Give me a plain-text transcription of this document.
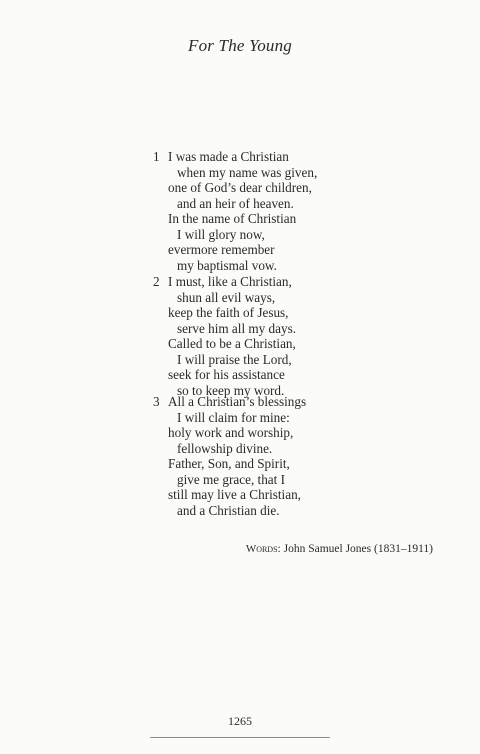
For The Young
1 I was made a Christian
when my name was given,
one of God’s dear children,
and an heir of heaven.
In the name of Christian
I will glory now,
evermore remember
my baptismal vow.
2 I must, like a Christian,
shun all evil ways,
keep the faith of Jesus,
serve him all my days.
Called to be a Christian,
I will praise the Lord,
seek for his assistance
so to keep my word.
3 All a Christian’s blessings
I will claim for mine:
holy work and worship,
fellowship divine.
Father, Son, and Spirit,
give me grace, that I
still may live a Christian,
and a Christian die.
Words: John Samuel Jones (1831–1911)
1265
